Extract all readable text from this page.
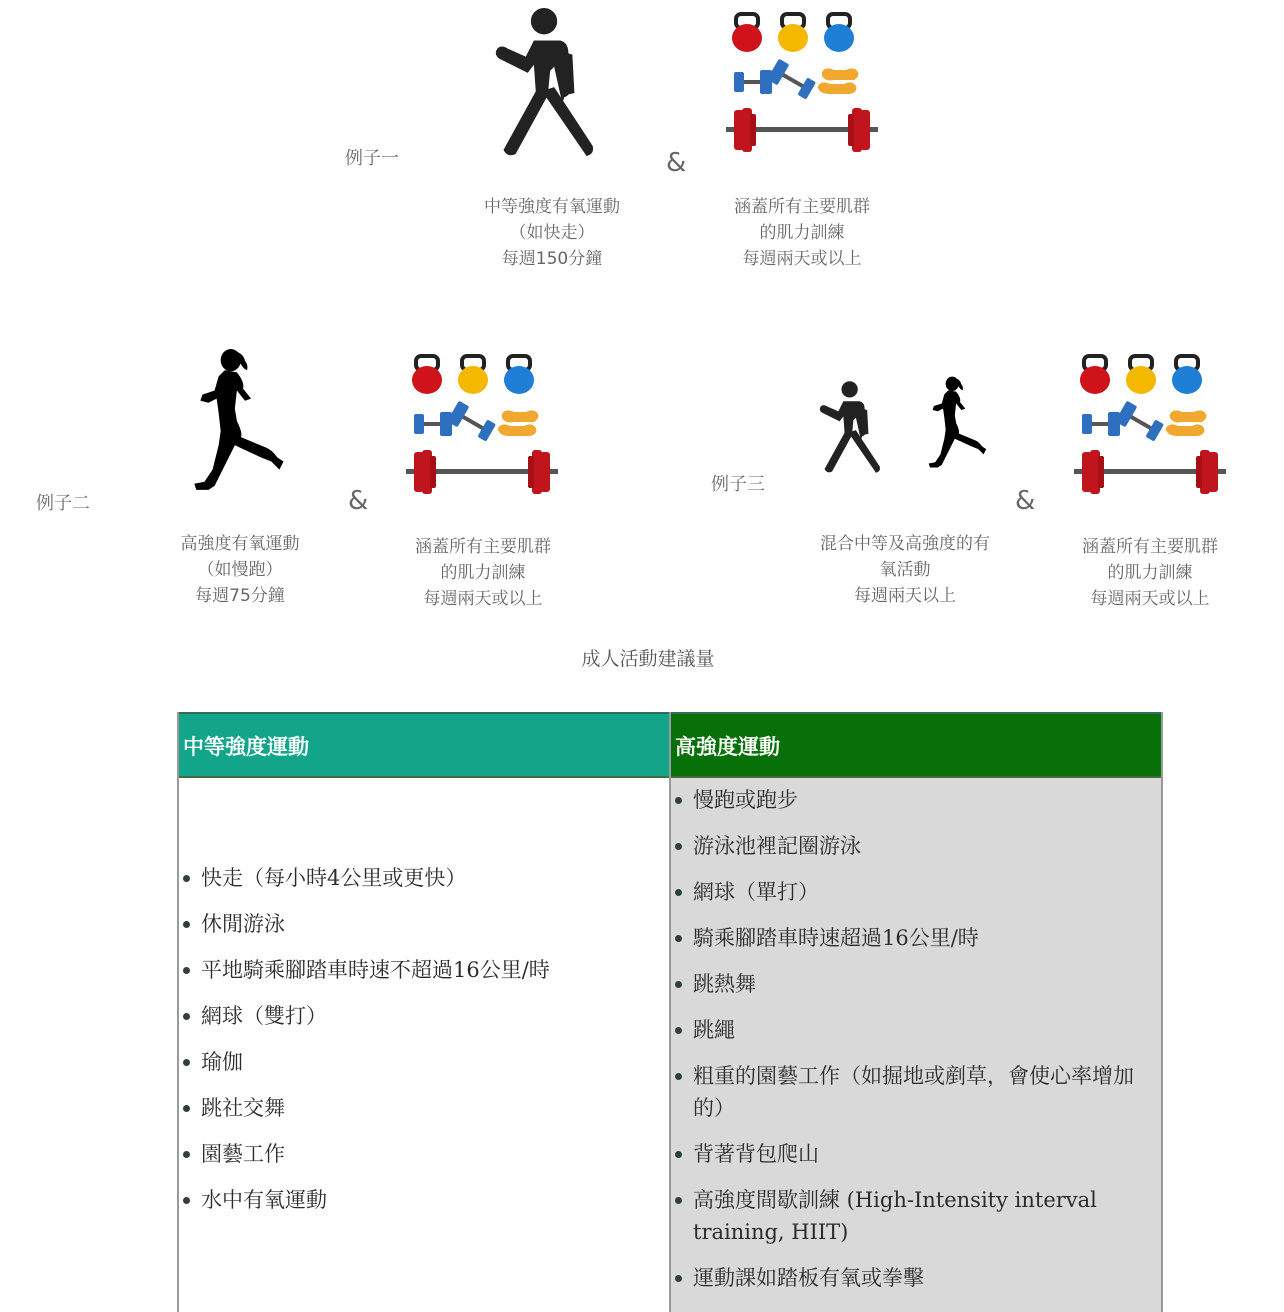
例子一
中等強度有氧運動
（如快走）
每週150分鐘
&
涵蓋所有主要肌群
的肌力訓練
每週兩天或以上
例子二
高強度有氧運動
（如慢跑）
每週75分鐘
&
涵蓋所有主要肌群
的肌力訓練
每週兩天或以上
例子三
混合中等及高強度的有
氧活動
每週兩天以上
&
涵蓋所有主要肌群
的肌力訓練
每週兩天或以上
成人活動建議量
中等強度運動
快走（每小時4公里或更快）
休閒游泳
平地騎乘腳踏車時速不超過16公里/時
網球（雙打）
瑜伽
跳社交舞
園藝工作
水中有氧運動
高強度運動
慢跑或跑步
游泳池裡記圈游泳
網球（單打）
騎乘腳踏車時速超過16公里/時
跳熱舞
跳繩
粗重的園藝工作（如掘地或剷草，會使心率增加的）
背著背包爬山
高強度間歇訓練 (High-Intensity interval training, HIIT)
運動課如踏板有氧或拳擊
